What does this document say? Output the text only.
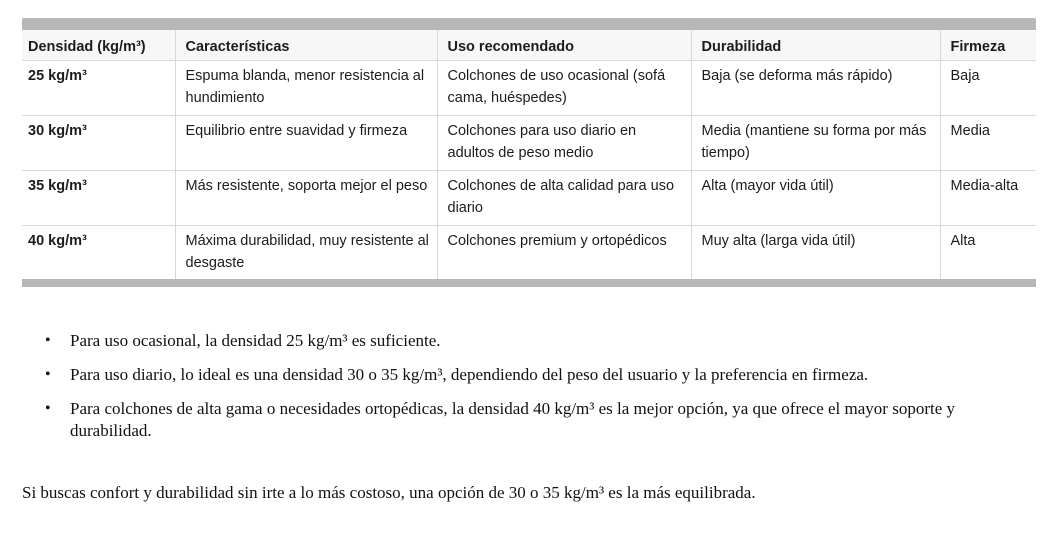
Densidad (kg/m³)	Características	Uso recomendado	Durabilidad	Firmeza
25 kg/m³	Espuma blanda, menor resistencia al hundimiento	Colchones de uso ocasional (sofá cama, huéspedes)	Baja (se deforma más rápido)	Baja
30 kg/m³	Equilibrio entre suavidad y firmeza	Colchones para uso diario en adultos de peso medio	Media (mantiene su forma por más tiempo)	Media
35 kg/m³	Más resistente, soporta mejor el peso	Colchones de alta calidad para uso diario	Alta (mayor vida útil)	Media-alta
40 kg/m³	Máxima durabilidad, muy resistente al desgaste	Colchones premium y ortopédicos	Muy alta (larga vida útil)	Alta
• Para uso ocasional, la densidad 25 kg/m³ es suficiente.
• Para uso diario, lo ideal es una densidad 30 o 35 kg/m³, dependiendo del peso del usuario y la preferencia en firmeza.
• Para colchones de alta gama o necesidades ortopédicas, la densidad 40 kg/m³ es la mejor opción, ya que ofrece el mayor soporte y durabilidad.
Si buscas confort y durabilidad sin irte a lo más costoso, una opción de 30 o 35 kg/m³ es la más equilibrada.
